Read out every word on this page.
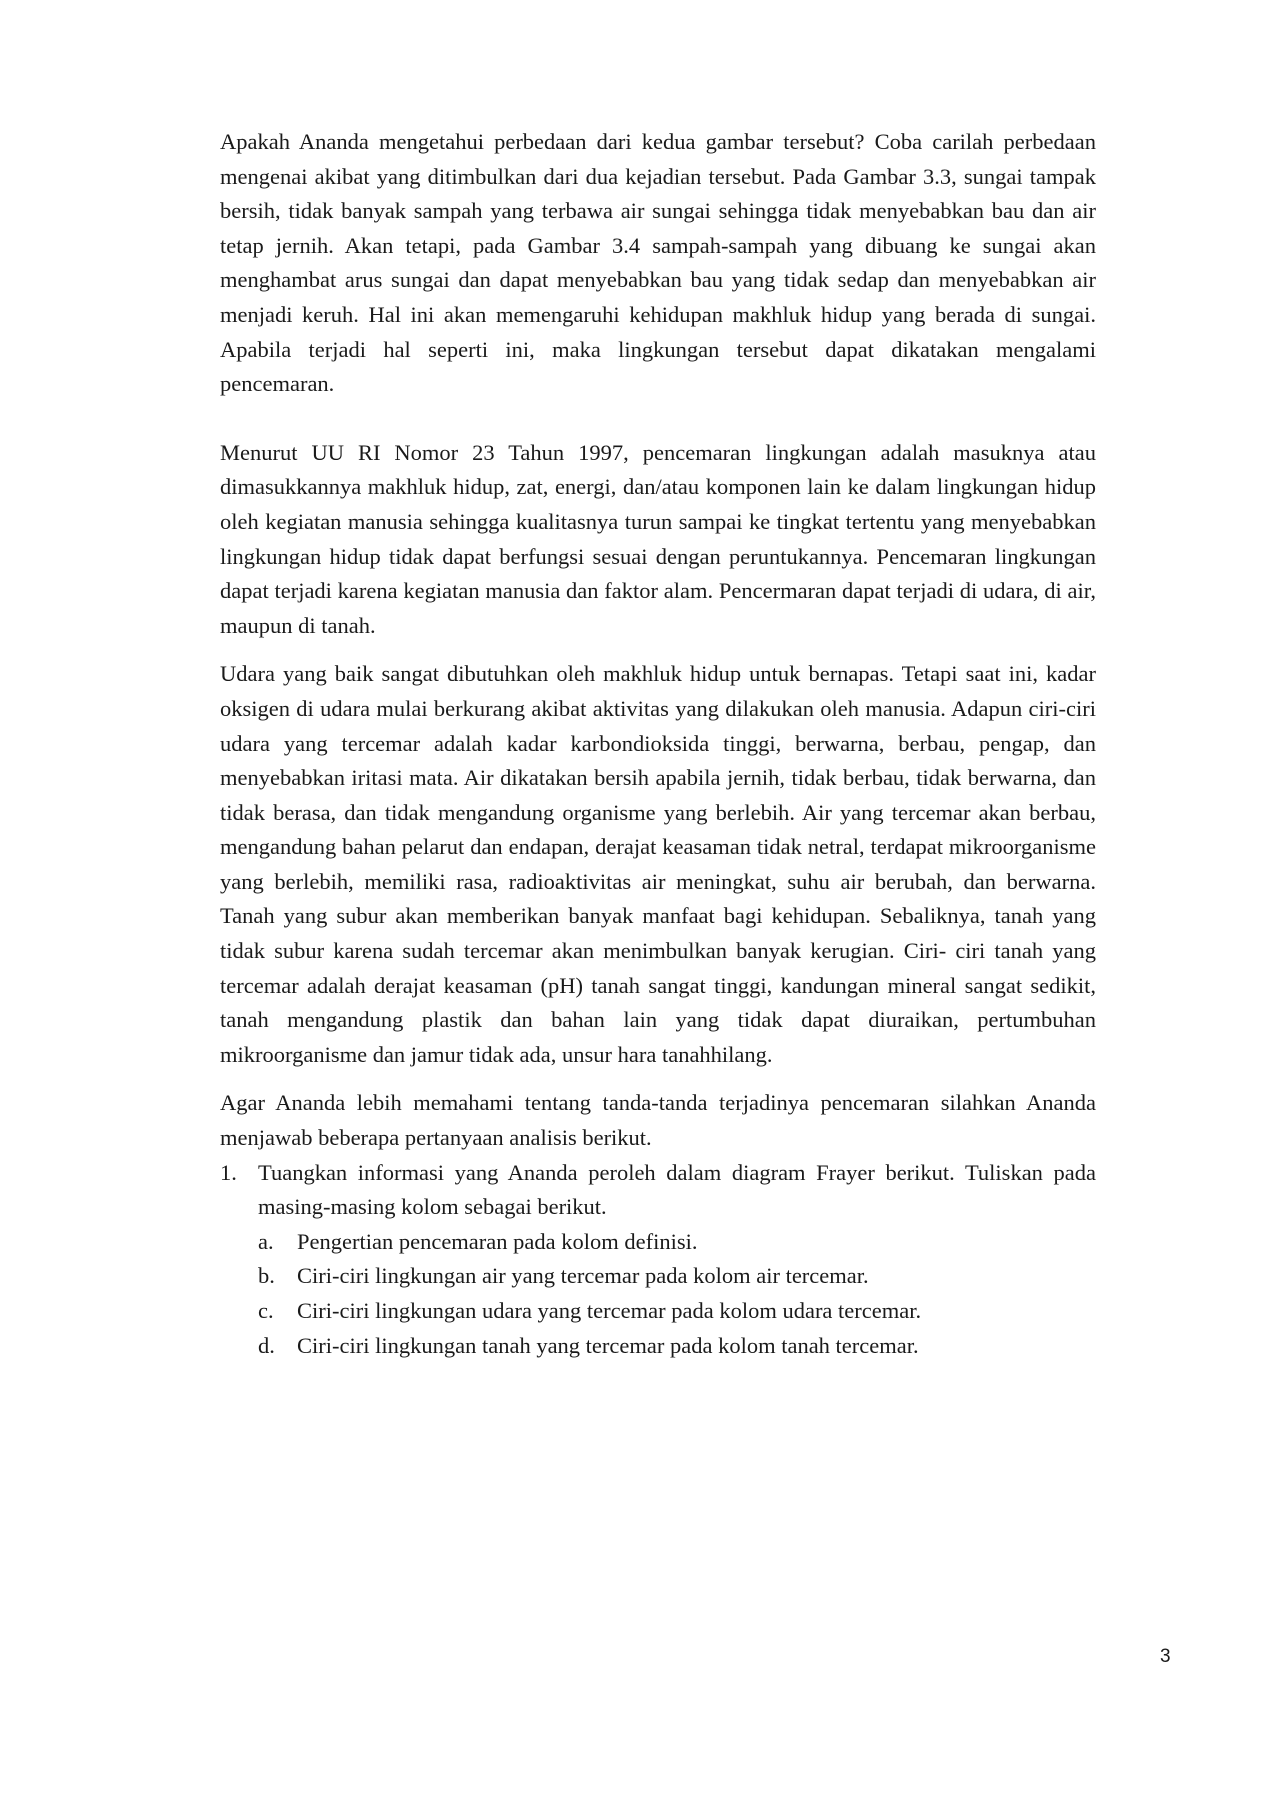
Apakah Ananda mengetahui perbedaan dari kedua gambar tersebut? Coba carilah perbedaan mengenai akibat yang ditimbulkan dari dua kejadian tersebut. Pada Gambar 3.3, sungai tampak bersih, tidak banyak sampah yang terbawa air sungai sehingga tidak menyebabkan bau dan air tetap jernih. Akan tetapi, pada Gambar 3.4 sampah-sampah yang dibuang ke sungai akan menghambat arus sungai dan dapat menyebabkan bau yang tidak sedap dan menyebabkan air menjadi keruh. Hal ini akan memengaruhi kehidupan makhluk hidup yang berada di sungai. Apabila terjadi hal seperti ini, maka lingkungan tersebut dapat dikatakan mengalami pencemaran.

Menurut UU RI Nomor 23 Tahun 1997, pencemaran lingkungan adalah masuknya atau dimasukkannya makhluk hidup, zat, energi, dan/atau komponen lain ke dalam lingkungan hidup oleh kegiatan manusia sehingga kualitasnya turun sampai ke tingkat tertentu yang menyebabkan lingkungan hidup tidak dapat berfungsi sesuai dengan peruntukannya. Pencemaran lingkungan dapat terjadi karena kegiatan manusia dan faktor alam. Pencermaran dapat terjadi di udara, di air, maupun di tanah.

Udara yang baik sangat dibutuhkan oleh makhluk hidup untuk bernapas. Tetapi saat ini, kadar oksigen di udara mulai berkurang akibat aktivitas yang dilakukan oleh manusia. Adapun ciri-ciri udara yang tercemar adalah kadar karbondioksida tinggi, berwarna, berbau, pengap, dan menyebabkan iritasi mata. Air dikatakan bersih apabila jernih, tidak berbau, tidak berwarna, dan tidak berasa, dan tidak mengandung organisme yang berlebih. Air yang tercemar akan berbau, mengandung bahan pelarut dan endapan, derajat keasaman tidak netral, terdapat mikroorganisme yang berlebih, memiliki rasa, radioaktivitas air meningkat, suhu air berubah, dan berwarna. Tanah yang subur akan memberikan banyak manfaat bagi kehidupan. Sebaliknya, tanah yang tidak subur karena sudah tercemar akan menimbulkan banyak kerugian. Ciri- ciri tanah yang tercemar adalah derajat keasaman (pH) tanah sangat tinggi, kandungan mineral sangat sedikit, tanah mengandung plastik dan bahan lain yang tidak dapat diuraikan, pertumbuhan mikroorganisme dan jamur tidak ada, unsur hara tanahhilang.

Agar Ananda lebih memahami tentang tanda-tanda terjadinya pencemaran silahkan Ananda menjawab beberapa pertanyaan analisis berikut.

1. Tuangkan informasi yang Ananda peroleh dalam diagram Frayer berikut. Tuliskan pada masing-masing kolom sebagai berikut.
a. Pengertian pencemaran pada kolom definisi.
b. Ciri-ciri lingkungan air yang tercemar pada kolom air tercemar.
c. Ciri-ciri lingkungan udara yang tercemar pada kolom udara tercemar.
d. Ciri-ciri lingkungan tanah yang tercemar pada kolom tanah tercemar.
3
